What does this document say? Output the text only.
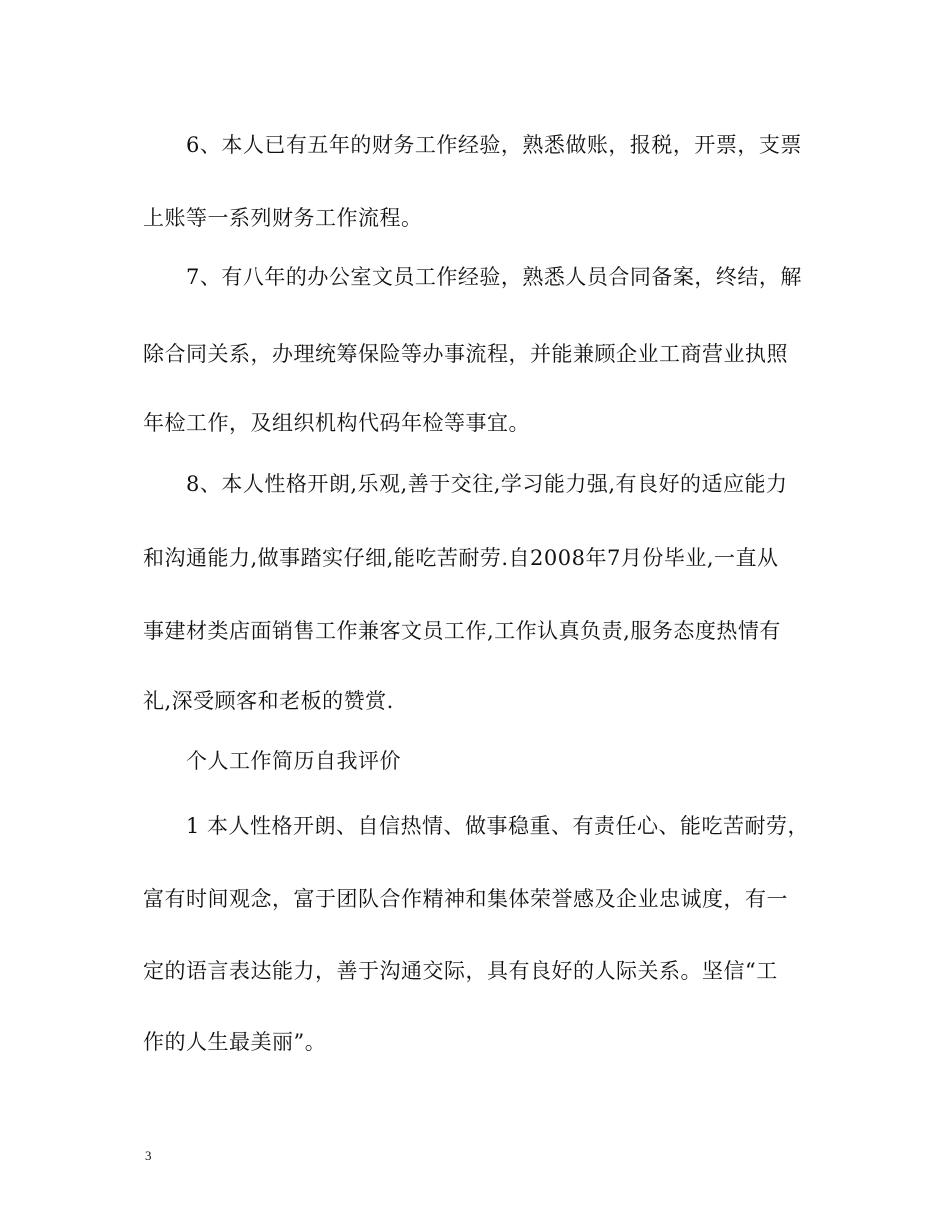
6、本人已有五年的财务工作经验，熟悉做账，报税，开票，支票
上账等一系列财务工作流程。
7、有八年的办公室文员工作经验，熟悉人员合同备案，终结，解
除合同关系，办理统筹保险等办事流程，并能兼顾企业工商营业执照
年检工作，及组织机构代码年检等事宜。
8、本人性格开朗,乐观,善于交往,学习能力强,有良好的适应能力
和沟通能力,做事踏实仔细,能吃苦耐劳.自2008年7月份毕业,一直从
事建材类店面销售工作兼客文员工作,工作认真负责,服务态度热情有
礼,深受顾客和老板的赞赏.
个人工作简历自我评价
1 本人性格开朗、自信热情、做事稳重、有责任心、能吃苦耐劳，
富有时间观念，富于团队合作精神和集体荣誉感及企业忠诚度，有一
定的语言表达能力，善于沟通交际，具有良好的人际关系。坚信“工
作的人生最美丽”。
3
